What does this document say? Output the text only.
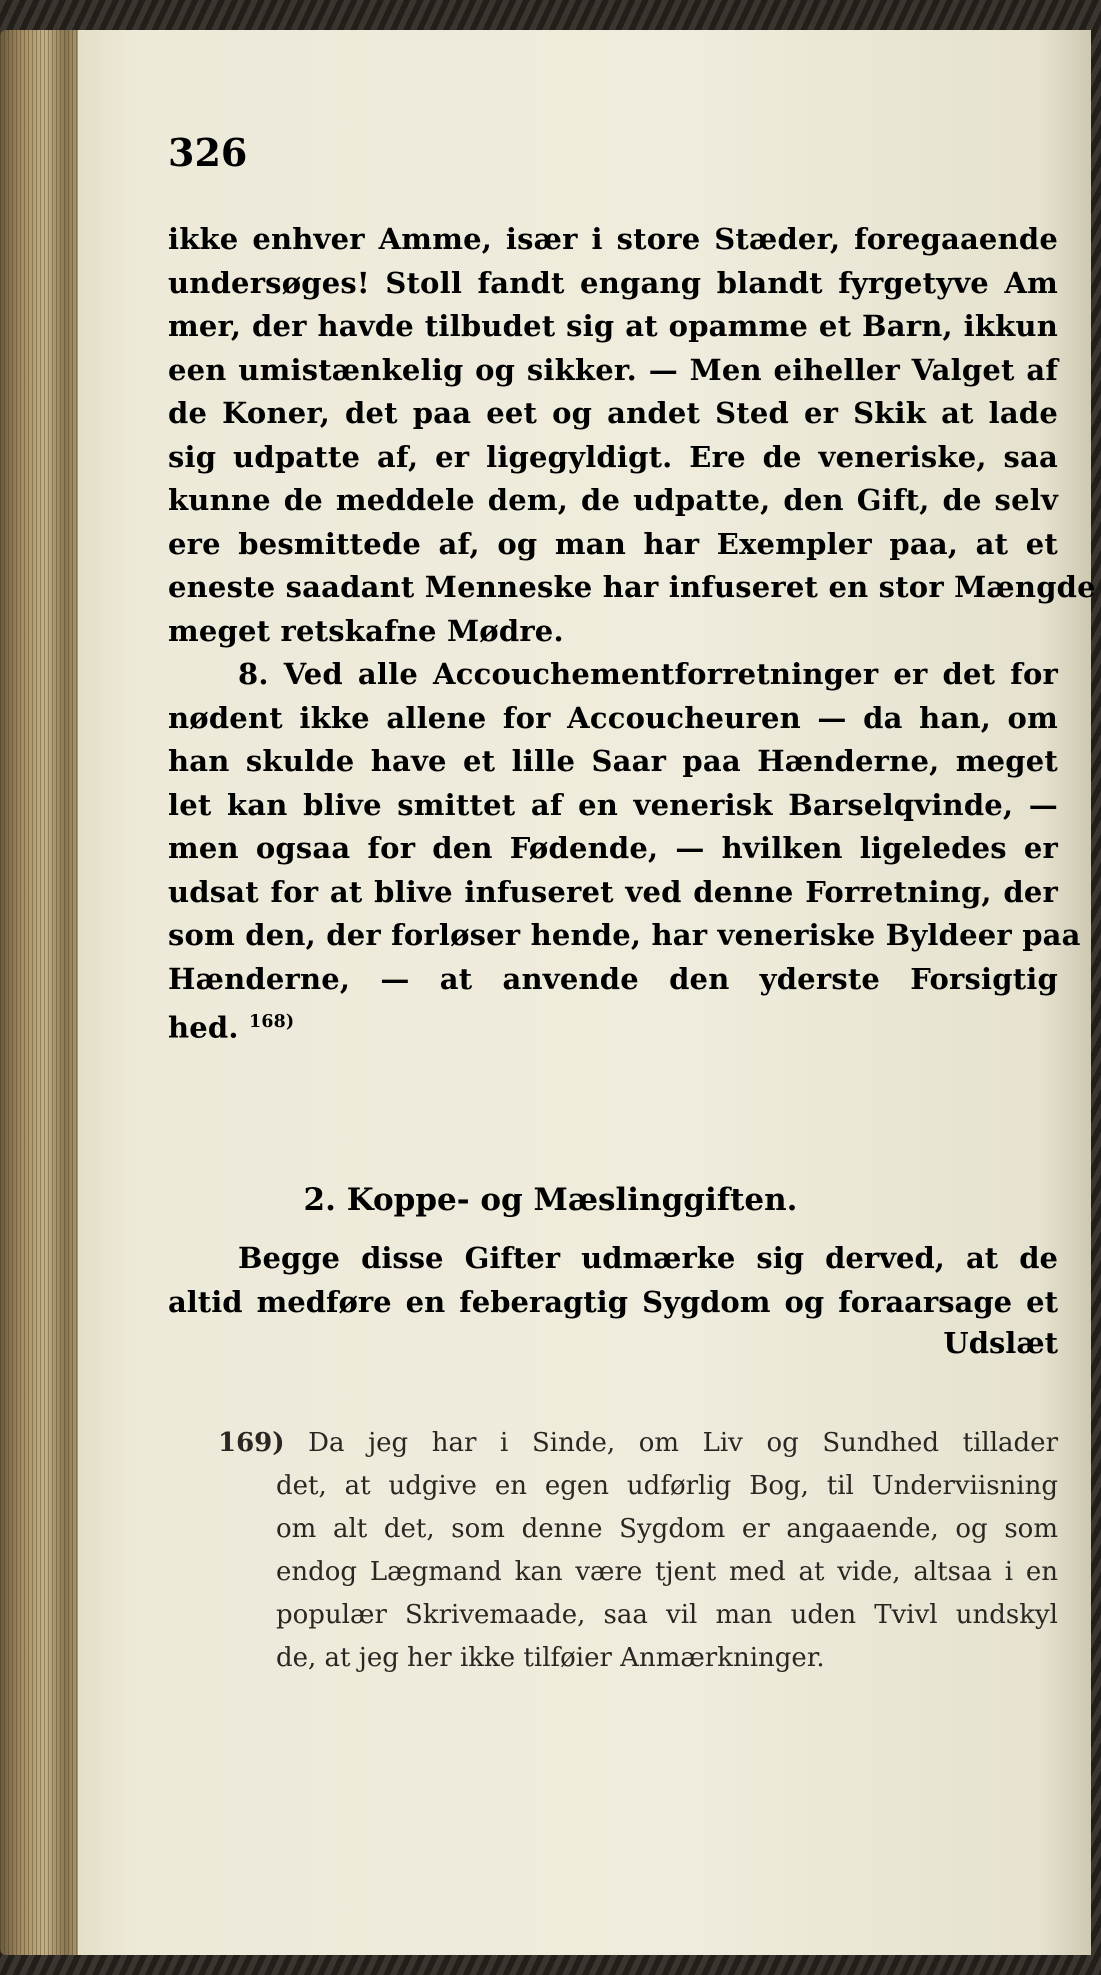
326
ikke enhver Amme, især i store Stæder, foregaaende
undersøges! Stoll fandt engang blandt fyrgetyve Am
mer, der havde tilbudet sig at opamme et Barn, ikkun
een umistænkelig og sikker. — Men eiheller Valget af
de Koner, det paa eet og andet Sted er Skik at lade
sig udpatte af, er ligegyldigt. Ere de veneriske, saa
kunne de meddele dem, de udpatte, den Gift, de selv
ere besmittede af, og man har Exempler paa, at et
eneste saadant Menneske har infuseret en stor Mængde
meget retskafne Mødre.
8. Ved alle Accouchementforretninger er det for
nødent ikke allene for Accoucheuren — da han, om
han skulde have et lille Saar paa Hænderne, meget
let kan blive smittet af en venerisk Barselqvinde, —
men ogsaa for den Fødende, — hvilken ligeledes er
udsat for at blive infuseret ved denne Forretning, der
som den, der forløser hende, har veneriske Byldeer paa
Hænderne, — at anvende den yderste Forsigtig
hed. $^{168)}$
2. Koppe- og Mæslinggiften.
Begge disse Gifter udmærke sig derved, at de
altid medføre en feberagtig Sygdom og foraarsage et
Udslæt
169) Da jeg har i Sinde, om Liv og Sundhed tillader
det, at udgive en egen udførlig Bog, til Underviisning
om alt det, som denne Sygdom er angaaende, og som
endog Lægmand kan være tjent med at vide, altsaa i en
populær Skrivemaade, saa vil man uden Tvivl undskyl
de, at jeg her ikke tilføier Anmærkninger.
